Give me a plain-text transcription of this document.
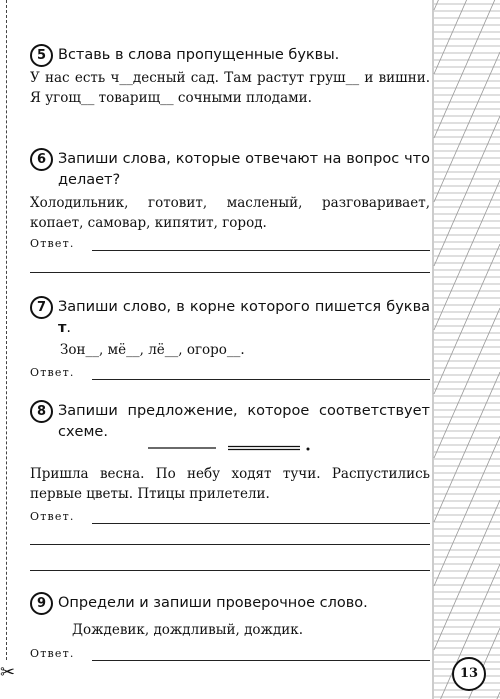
✂
5 Вставь в слова пропущенные буквы.
У нас есть ч__десный сад. Там растут груш__ и вишни. Я угощ__ товарищ__ сочными плодами.
6 Запиши слова, которые отвечают на вопрос что делает?
Холодильник, готовит, масленый, разговаривает, копает, самовар, кипятит, город.
Ответ.
7 Запиши слово, в корне которого пишется буква т.
Зон__, мё__, лё__, огоро__.
Ответ.
8 Запиши предложение, которое соответствует схеме.
Пришла весна. По небу ходят тучи. Распустились первые цветы. Птицы прилетели.
Ответ.
9 Определи и запиши проверочное слово.
Дождевик, дождливый, дождик.
Ответ.
13
